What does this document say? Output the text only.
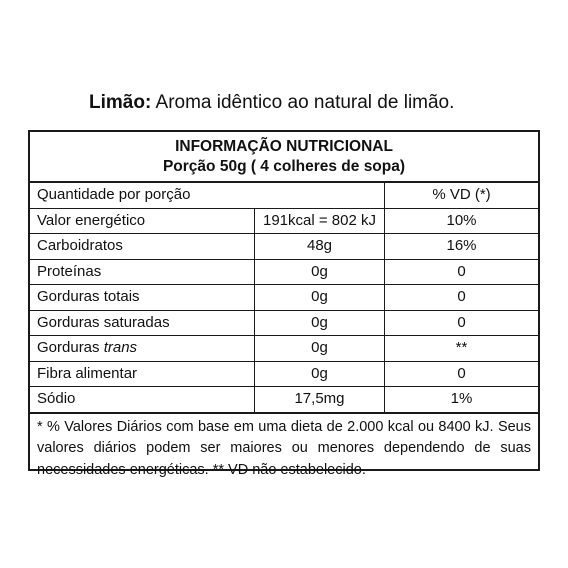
Limão: Aroma idêntico ao natural de limão.
INFORMAÇÃO NUTRICIONAL
Porção 50g ( 4 colheres de sopa)
Quantidade por porção		% VD (*)
Valor energético	191kcal = 802 kJ	10%
Carboidratos	48g	16%
Proteínas	0g	0
Gorduras totais	0g	0
Gorduras saturadas	0g	0
Gorduras trans	0g	**
Fibra alimentar	0g	0
Sódio	17,5mg	1%
* % Valores Diários com base em uma dieta de 2.000 kcal ou 8400 kJ. Seus valores diários podem ser maiores ou menores dependendo de suas necessidades energéticas. ** VD não estabelecido.
